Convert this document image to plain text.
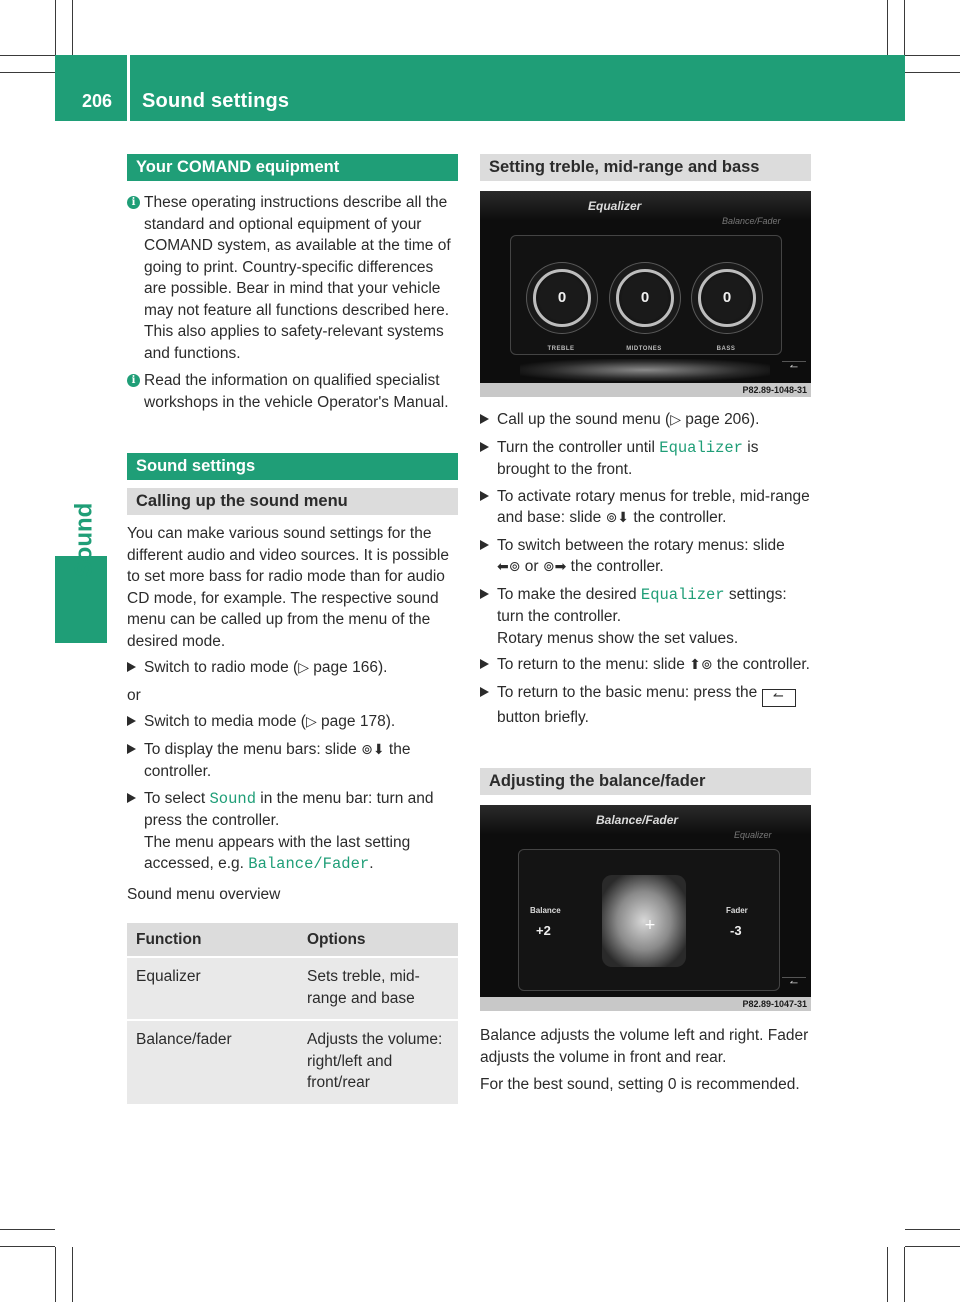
206 Sound settings
Sound
Your COMAND equipment
i These operating instructions describe all the standard and optional equipment of your COMAND system, as available at the time of going to print. Country-specific differences are possible. Bear in mind that your vehicle may not feature all functions described here. This also applies to safety-relevant systems and functions.
i Read the information on qualified specialist workshops in the vehicle Operator's Manual.
Sound settings
Calling up the sound menu

You can make various sound settings for the different audio and video sources. It is possible to set more bass for radio mode than for audio CD mode, for example. The respective sound menu can be called up from the menu of the desired mode.

Switch to radio mode (▷ page 166).

or

Switch to media mode (▷ page 178).
To display the menu bars: slide ⊚⬇ the controller.
To select Sound in the menu bar: turn and press the controller.
The menu appears with the last setting accessed, e.g. Balance/Fader.

Sound menu overview

Function	Options
Equalizer	Sets treble, mid-range and base
Balance/fader	Adjusts the volume: right/left and front/rear
Setting treble, mid-range and bass
Equalizer
Balance/Fader
0	0	0
TREBLE	MIDTONES	BASS
↼
P82.89-1048-31
Call up the sound menu (▷ page 206).
Turn the controller until Equalizer is brought to the front.
To activate rotary menus for treble, mid-range and base: slide ⊚⬇ the controller.
To switch between the rotary menus: slide ⬅⊚ or ⊚➡ the controller.
To make the desired Equalizer settings: turn the controller.
Rotary menus show the set values.
To return to the menu: slide ⬆⊚ the controller.
To return to the basic menu: press the ↼ button briefly.
Adjusting the balance/fader
Balance/Fader
Equalizer
+
Balance
+2
Fader
-3
↼
P82.89-1047-31

Balance adjusts the volume left and right. Fader adjusts the volume in front and rear.

For the best sound, setting 0 is recommended.
